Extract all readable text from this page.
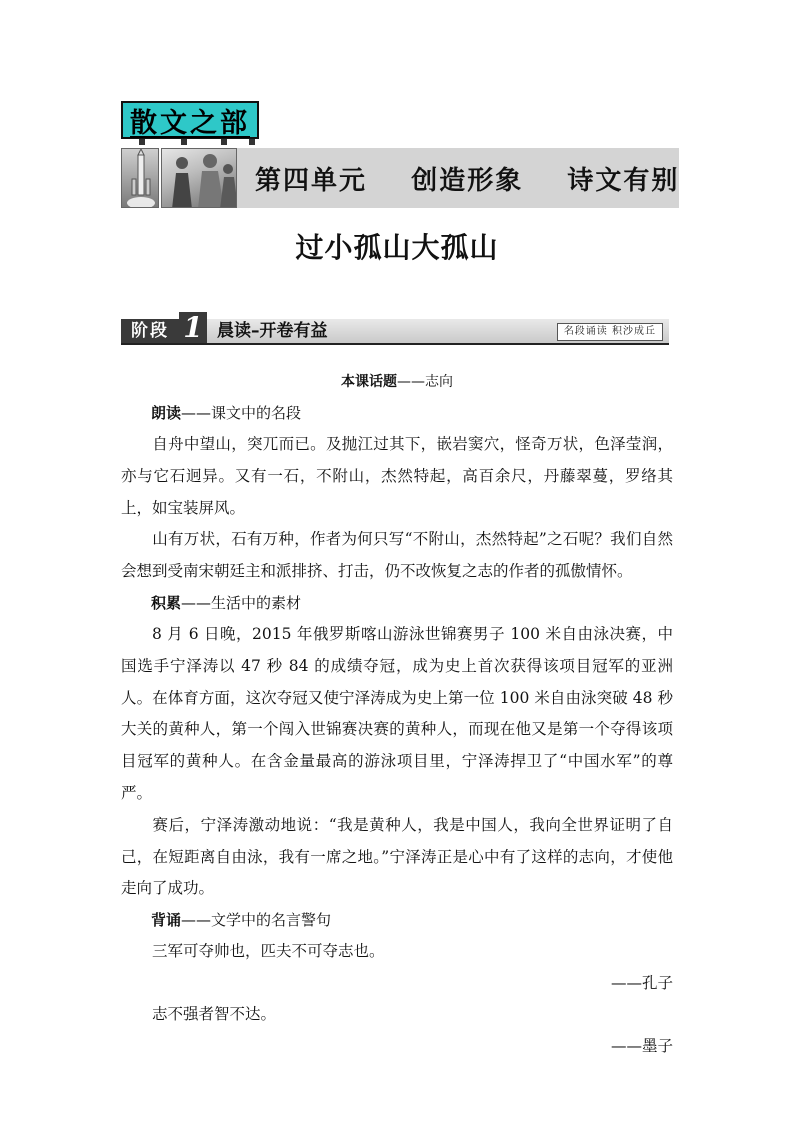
散文之部
第四单元    创造形象    诗文有别
过小孤山大孤山
阶段 1 晨读–开卷有益	名段诵读 积沙成丘
本课话题——志向
朗读——课文中的名段

  自舟中望山，突兀而已。及抛江过其下，嵌岩窦穴，怪奇万状，色泽莹润，亦与它石迥异。又有一石，不附山，杰然特起，高百余尺，丹藤翠蔓，罗络其上，如宝装屏风。

  山有万状，石有万种，作者为何只写“不附山，杰然特起”之石呢？我们自然会想到受南宋朝廷主和派排挤、打击，仍不改恢复之志的作者的孤傲情怀。

积累——生活中的素材

  8 月 6 日晚，2015 年俄罗斯喀山游泳世锦赛男子 100 米自由泳决赛，中国选手宁泽涛以 47 秒 84 的成绩夺冠，成为史上首次获得该项目冠军的亚洲人。在体育方面，这次夺冠又使宁泽涛成为史上第一位 100 米自由泳突破 48 秒大关的黄种人，第一个闯入世锦赛决赛的黄种人，而现在他又是第一个夺得该项目冠军的黄种人。在含金量最高的游泳项目里，宁泽涛捍卫了“中国水军”的尊严。

  赛后，宁泽涛激动地说：“我是黄种人，我是中国人，我向全世界证明了自己，在短距离自由泳，我有一席之地。”宁泽涛正是心中有了这样的志向，才使他走向了成功。

背诵——文学中的名言警句

  三军可夺帅也，匹夫不可夺志也。

——孔子

  志不强者智不达。

——墨子
